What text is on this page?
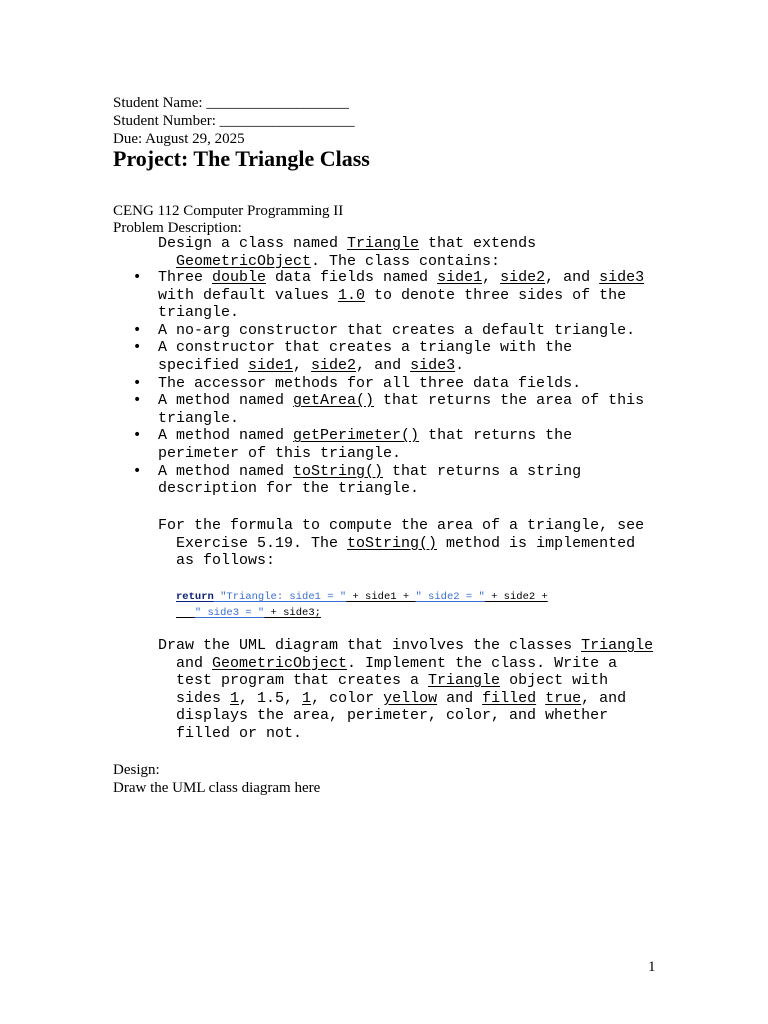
Student Name: ___________________
Student Number: __________________
Due: August 29, 2025
Project: The Triangle Class
CENG 112 Computer Programming II
Problem Description:
Design a class named Triangle that extends
GeometricObject. The class contains:
• Three double data fields named side1, side2, and side3
with default values 1.0 to denote three sides of the
triangle.
• A no-arg constructor that creates a default triangle.
• A constructor that creates a triangle with the
specified side1, side2, and side3.
• The accessor methods for all three data fields.
• A method named getArea() that returns the area of this
triangle.
• A method named getPerimeter() that returns the
perimeter of this triangle.
• A method named toString() that returns a string
description for the triangle.
For the formula to compute the area of a triangle, see
Exercise 5.19. The toString() method is implemented
as follows:
return "Triangle: side1 = " + side1 + " side2 = " + side2 +
" side3 = " + side3;
Draw the UML diagram that involves the classes Triangle
and GeometricObject. Implement the class. Write a
test program that creates a Triangle object with
sides 1, 1.5, 1, color yellow and filled true, and
displays the area, perimeter, color, and whether
filled or not.
Design:
Draw the UML class diagram here
1
